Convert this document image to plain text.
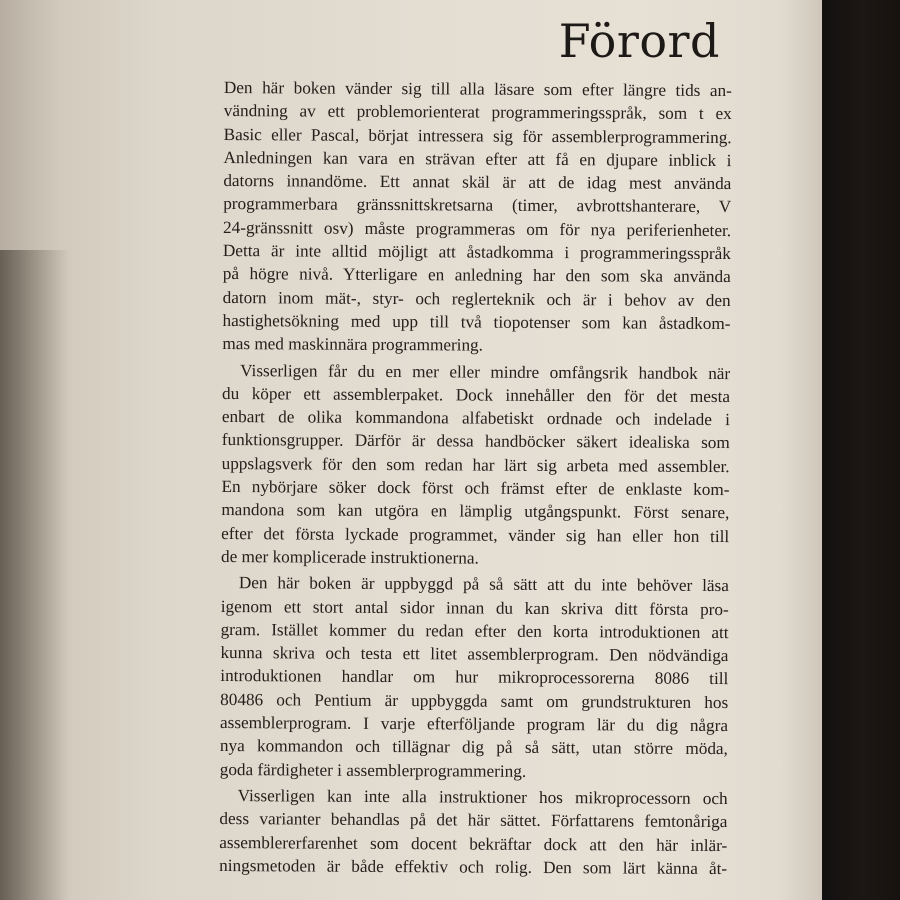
Förord
Den här boken vänder sig till alla läsare som efter längre tids an-
vändning av ett problemorienterat programmeringsspråk, som t ex
Basic eller Pascal, börjat intressera sig för assemblerprogrammering.
Anledningen kan vara en strävan efter att få en djupare inblick i
datorns innandöme. Ett annat skäl är att de idag mest använda
programmerbara gränssnittskretsarna (timer, avbrottshanterare, V
24-gränssnitt osv) måste programmeras om för nya periferienheter.
Detta är inte alltid möjligt att åstadkomma i programmeringsspråk
på högre nivå. Ytterligare en anledning har den som ska använda
datorn inom mät-, styr- och reglerteknik och är i behov av den
hastighetsökning med upp till två tiopotenser som kan åstadkom-
mas med maskinnära programmering.
Visserligen får du en mer eller mindre omfångsrik handbok när
du köper ett assemblerpaket. Dock innehåller den för det mesta
enbart de olika kommandona alfabetiskt ordnade och indelade i
funktionsgrupper. Därför är dessa handböcker säkert idealiska som
uppslagsverk för den som redan har lärt sig arbeta med assembler.
En nybörjare söker dock först och främst efter de enklaste kom-
mandona som kan utgöra en lämplig utgångspunkt. Först senare,
efter det första lyckade programmet, vänder sig han eller hon till
de mer komplicerade instruktionerna.
Den här boken är uppbyggd på så sätt att du inte behöver läsa
igenom ett stort antal sidor innan du kan skriva ditt första pro-
gram. Istället kommer du redan efter den korta introduktionen att
kunna skriva och testa ett litet assemblerprogram. Den nödvändiga
introduktionen handlar om hur mikroprocessorerna 8086 till
80486 och Pentium är uppbyggda samt om grundstrukturen hos
assemblerprogram. I varje efterföljande program lär du dig några
nya kommandon och tillägnar dig på så sätt, utan större möda,
goda färdigheter i assemblerprogrammering.
Visserligen kan inte alla instruktioner hos mikroprocessorn och
dess varianter behandlas på det här sättet. Författarens femtonåriga
assemblererfarenhet som docent bekräftar dock att den här inlär-
ningsmetoden är både effektiv och rolig. Den som lärt känna åt-
